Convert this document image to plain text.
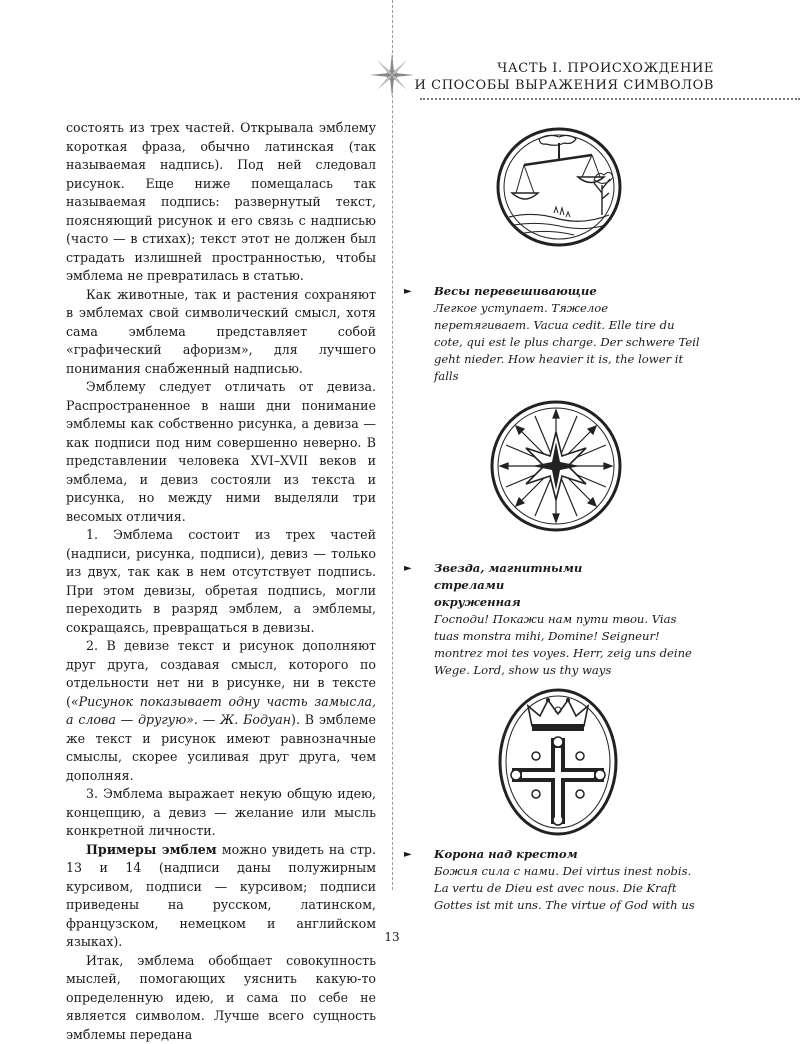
ЧАСТЬ I. ПРОИСХОЖДЕНИЕ
И СПОСОБЫ ВЫРАЖЕНИЯ СИМВОЛОВ

состоять из трех частей. Открывала эмблему короткая фраза, обычно латинская (так называемая надпись). Под ней следовал рисунок. Еще ниже помещалась так называемая подпись: развернутый текст, поясняющий рисунок и его связь с надписью (часто — в стихах); текст этот не должен был страдать излишней пространностью, чтобы эмблема не превратилась в статью.

Как животные, так и растения сохраняют в эмблемах свой символический смысл, хотя сама эмблема представляет собой «графический афоризм», для лучшего понимания снабженный надписью.

Эмблему следует отличать от девиза. Распространенное в наши дни понимание эмблемы как собственно рисунка, а девиза — как подписи под ним совершенно неверно. В представлении человека XVI–XVII веков и эмблема, и девиз состояли из текста и рисунка, но между ними выделяли три весомых отличия.

1. Эмблема состоит из трех частей (надписи, рисунка, подписи), девиз — только из двух, так как в нем отсутствует подпись. При этом девизы, обретая подпись, могли переходить в разряд эмблем, а эмблемы, сокращаясь, превращаться в девизы.

2. В девизе текст и рисунок дополняют друг друга, создавая смысл, которого по отдельности нет ни в рисунке, ни в тексте («Рисунок показывает одну часть замысла, а слова — другую». — Ж. Бодуан). В эмблеме же текст и рисунок имеют равнозначные смыслы, скорее усиливая друг друга, чем дополняя.

3. Эмблема выражает некую общую идею, концепцию, а девиз — желание или мысль конкретной личности.

Примеры эмблем можно увидеть на стр. 13 и 14 (надписи даны полужирным курсивом, подписи — курсивом; подписи приведены на русском, латинском, французском, немецком и английском языках).

Итак, эмблема обобщает совокупность мыслей, помогающих уяснить какую-то определенную идею, и сама по себе не является символом. Лучше всего сущность эмблемы передана

►	Весы перевешивающие
Легкое уступает. Тяжелое перетягивает. Vacua cedit. Elle tire du cote, qui est le plus charge. Der schwere Teil geht nieder. How heavier it is, the lower it falls
►	Звезда, магнитными стрелами окруженная
Господи! Покажи нам пути твои. Vias tuas monstra mihi, Domine! Seigneur! montrez moi tes voyes. Herr, zeig uns deine Wege. Lord, show us thy ways
►	Корона над крестом
Божия сила с нами. Dei virtus inest nobis. La vertu de Dieu est avec nous. Die Kraft Gottes ist mit uns. The virtue of God with us
13
